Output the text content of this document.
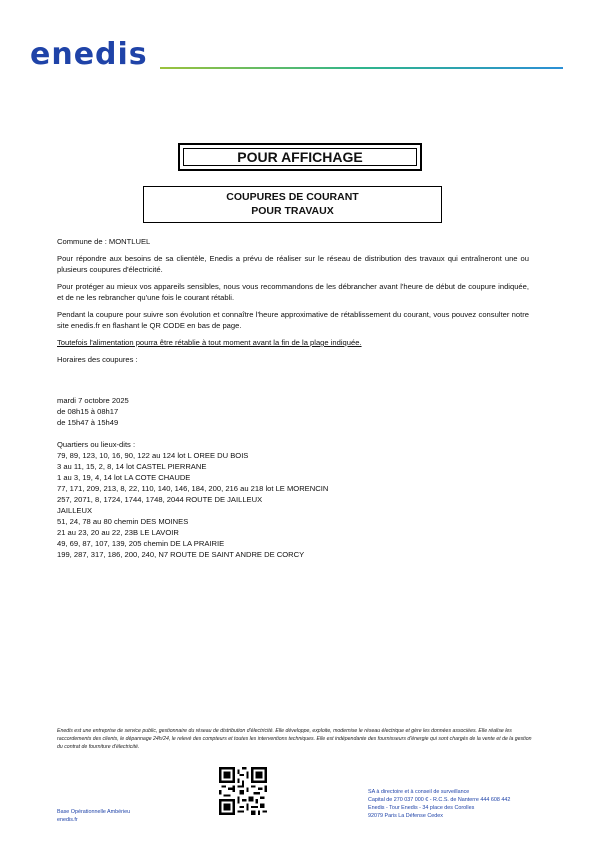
enedis
POUR AFFICHAGE
COUPURES DE COURANT
POUR TRAVAUX

Commune de : MONTLUEL

Pour répondre aux besoins de sa clientèle, Enedis a prévu de réaliser sur le réseau de distribution des travaux qui entraîneront une ou plusieurs coupures d'électricité.

Pour protéger au mieux vos appareils sensibles, nous vous recommandons de les débrancher avant l'heure de début de coupure indiquée, et de ne les rebrancher qu'une fois le courant rétabli.

Pendant la coupure pour suivre son évolution et connaître l'heure approximative de rétablissement du courant, vous pouvez consulter notre site enedis.fr en flashant le QR CODE en bas de page.

Toutefois l'alimentation pourra être rétablie à tout moment avant la fin de la plage indiquée.

Horaires des coupures :

mardi 7 octobre 2025
de 08h15 à 08h17
de 15h47 à 15h49
Quartiers ou lieux-dits :
79, 89, 123, 10, 16, 90, 122 au 124 lot L OREE DU BOIS
3 au 11, 15, 2, 8, 14 lot CASTEL PIERRANE
1 au 3, 19, 4, 14 lot LA COTE CHAUDE
77, 171, 209, 213, 8, 22, 110, 140, 146, 184, 200, 216 au 218 lot LE MORENCIN
257, 2071, 8, 1724, 1744, 1748, 2044 ROUTE DE JAILLEUX
JAILLEUX
51, 24, 78 au 80 chemin DES MOINES
21 au 23, 20 au 22, 23B LE LAVOIR
49, 69, 87, 107, 139, 205 chemin DE LA PRAIRIE
199, 287, 317, 186, 200, 240, N7 ROUTE DE SAINT ANDRE DE CORCY
Enedis est une entreprise de service public, gestionnaire du réseau de distribution d'électricité. Elle développe, exploite, modernise le réseau électrique et gère les données associées. Elle réalise les raccordements des clients, le dépannage 24h/24, le relevé des compteurs et toutes les interventions techniques. Elle est indépendante des fournisseurs d'énergie qui sont chargés de la vente et de la gestion du contrat de fourniture d'électricité.
Base Opérationnelle Ambérieu
enedis.fr
SA à directoire et à conseil de surveillance
Capital de 270 037 000 € - R.C.S. de Nanterre 444 608 442
Enedis - Tour Enedis - 34 place des Corolles
92079 Paris La Défense Cedex
